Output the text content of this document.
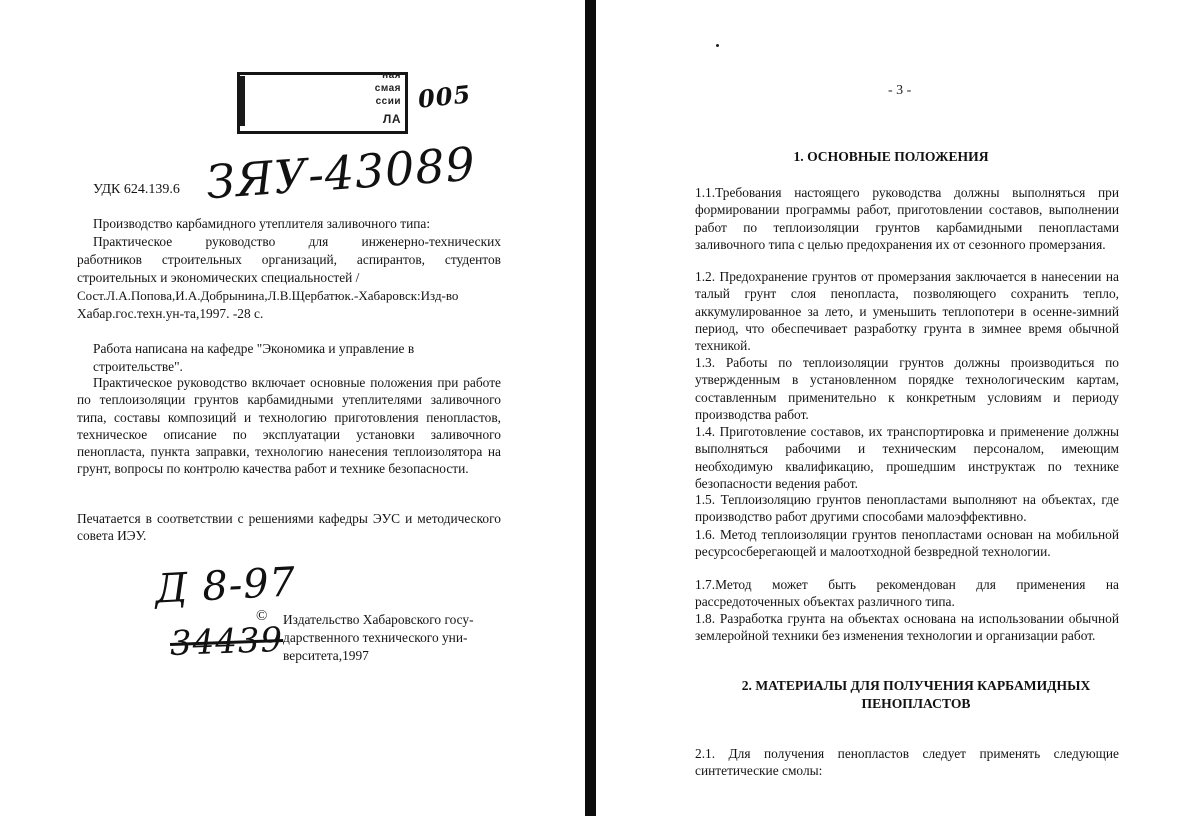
ная
смая
ссии
ЛА
005
УДК 624.139.6 ЗЯУ-43089
Производство карбамидного утеплителя заливочного типа:
Практическое руководство для инженерно-технических
работников строительных организаций, аспирантов, студентов
строительных и экономических специальностей /
Сост.Л.А.Попова,И.А.Добрынина,Л.В.Щербатюк.-Хабаровск:Изд-во
Хабар.гос.техн.ун-та,1997. -28 с.
Работа написана на кафедре "Экономика и управление в
строительстве".
Практическое руководство включает основные положения при работе по теплоизоляции грунтов карбамидными утеплителями заливочного типа, составы композиций и технологию приготовления пенопластов, техническое описание по эксплуатации установки заливочного пенопласта, пункта заправки, технологию нанесения теплоизолятора на грунт, вопросы по контролю качества работ и технике безопасности.
Печатается в соответствии с решениями кафедры ЭУС и методического совета ИЭУ.
Д 8-97
34439
© Издательство Хабаровского госу-
дарственного технического уни-
верситета,1997
- 3 -
1. ОСНОВНЫЕ ПОЛОЖЕНИЯ
1.1.Требования настоящего руководства должны выполняться при формировании программы работ, приготовлении составов, выполнении работ по теплоизоляции грунтов карбамидными пенопластами заливочного типа с целью предохранения их от сезонного промерзания.
1.2. Предохранение грунтов от промерзания заключается в нанесении на талый грунт слоя пенопласта, позволяющего сохранить тепло, аккумулированное за лето, и уменьшить теплопотери в осенне-зимний период, что обеспечивает разработку грунта в зимнее время обычной техникой.
1.3. Работы по теплоизоляции грунтов должны производиться по утвержденным в установленном порядке технологическим картам, составленным применительно к конкретным условиям и периоду производства работ.
1.4. Приготовление составов, их транспортировка и применение должны выполняться рабочими и техническим персоналом, имеющим необходимую квалификацию, прошедшим инструктаж по технике безопасности ведения работ.
1.5. Теплоизоляцию грунтов пенопластами выполняют на объектах, где производство работ другими способами малоэффективно.
1.6. Метод теплоизоляции грунтов пенопластами основан на мобильной ресурсосберегающей и малоотходной безвредной технологии.
1.7.Метод может быть рекомендован для применения на рассредоточенных объектах различного типа.
1.8. Разработка грунта на объектах основана на использовании обычной землеройной техники без изменения технологии и организации работ.
2. МАТЕРИАЛЫ ДЛЯ ПОЛУЧЕНИЯ КАРБАМИДНЫХ
ПЕНОПЛАСТОВ
2.1. Для получения пенопластов следует применять следующие синтетические смолы:
